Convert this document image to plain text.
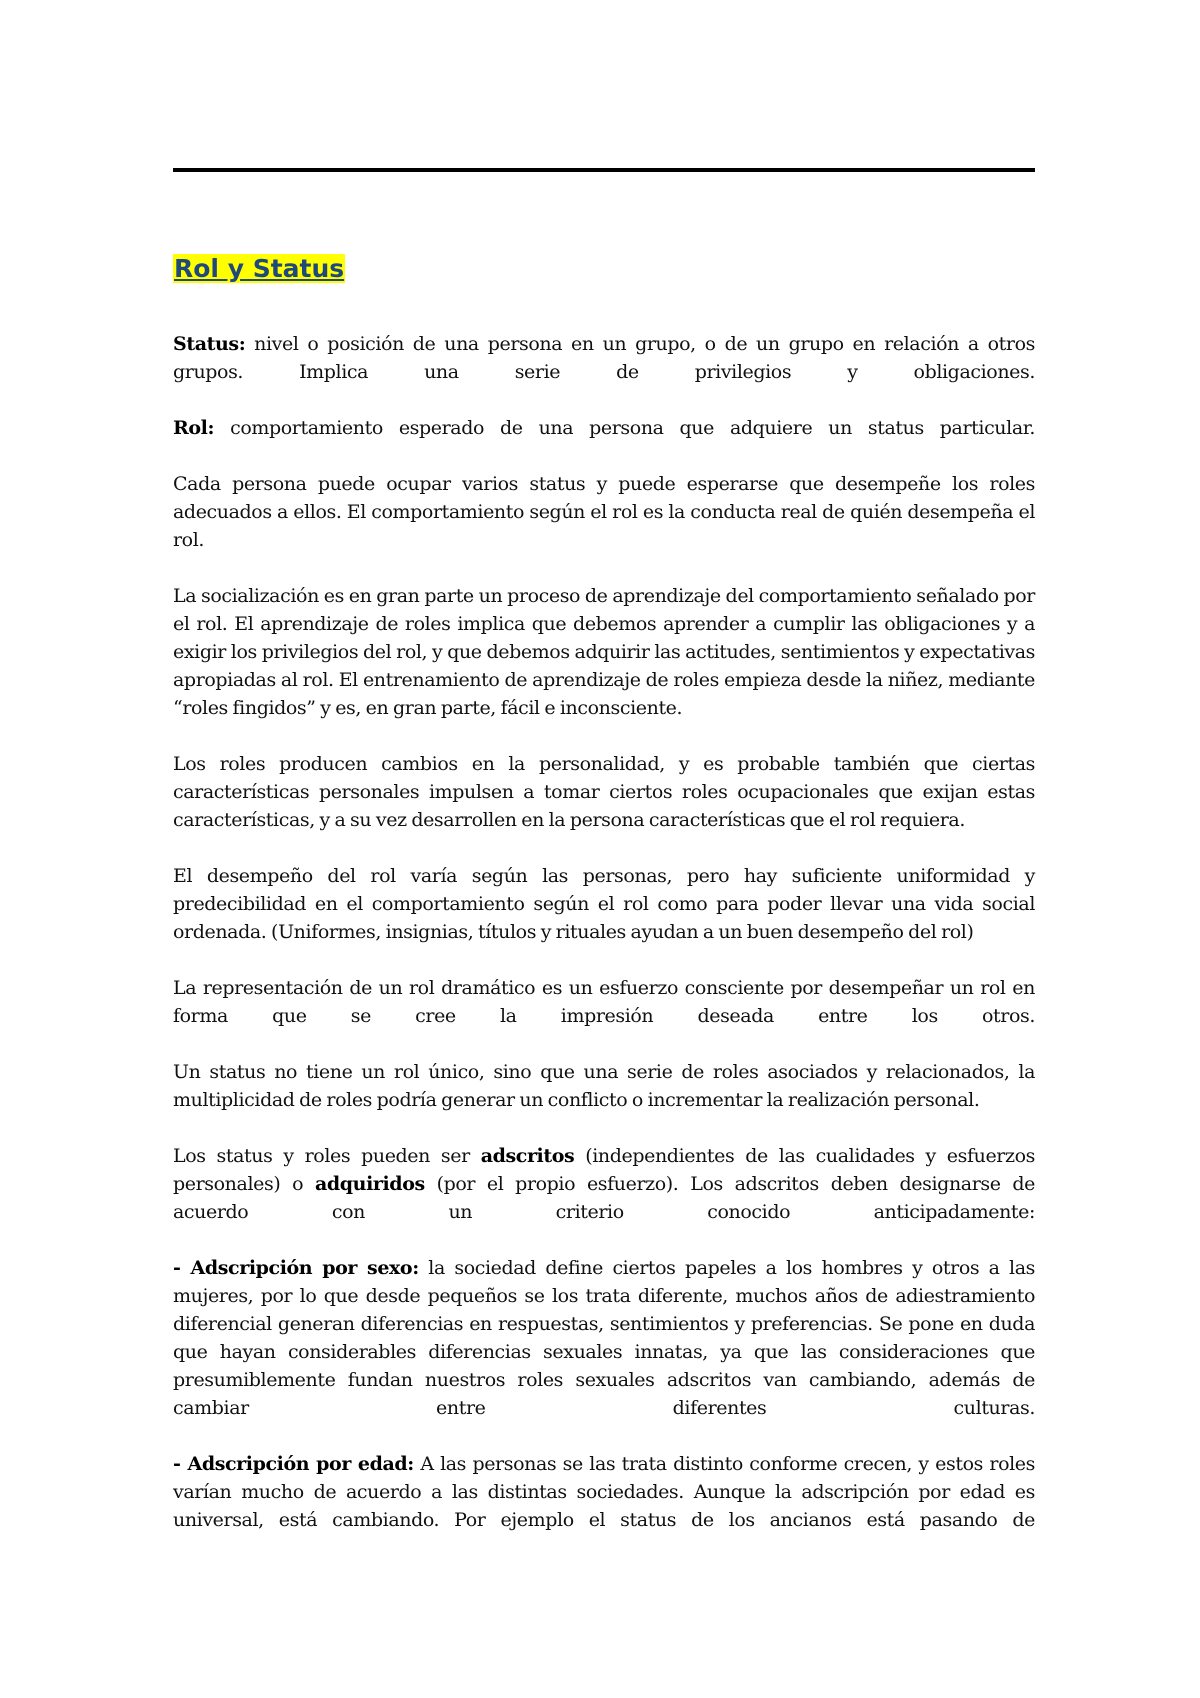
Rol y Status

Status: nivel o posición de una persona en un grupo, o de un grupo en relación a otros grupos. Implica una serie de privilegios y obligaciones.

Rol: comportamiento esperado de una persona que adquiere un status particular.

Cada persona puede ocupar varios status y puede esperarse que desempeñe los roles adecuados a ellos. El comportamiento según el rol es la conducta real de quién desempeña el rol.

La socialización es en gran parte un proceso de aprendizaje del comportamiento señalado por el rol. El aprendizaje de roles implica que debemos aprender a cumplir las obligaciones y a exigir los privilegios del rol, y que debemos adquirir las actitudes, sentimientos y expectativas apropiadas al rol. El entrenamiento de aprendizaje de roles empieza desde la niñez, mediante “roles fingidos” y es, en gran parte, fácil e inconsciente.

Los roles producen cambios en la personalidad, y es probable también que ciertas características personales impulsen a tomar ciertos roles ocupacionales que exijan estas características, y a su vez desarrollen en la persona características que el rol requiera.

El desempeño del rol varía según las personas, pero hay suficiente uniformidad y predecibilidad en el comportamiento según el rol como para poder llevar una vida social ordenada. (Uniformes, insignias, títulos y rituales ayudan a un buen desempeño del rol)

La representación de un rol dramático es un esfuerzo consciente por desempeñar un rol en forma que se cree la impresión deseada entre los otros.

Un status no tiene un rol único, sino que una serie de roles asociados y relacionados, la multiplicidad de roles podría generar un conflicto o incrementar la realización personal.

Los status y roles pueden ser adscritos (independientes de las cualidades y esfuerzos personales) o adquiridos (por el propio esfuerzo). Los adscritos deben designarse de acuerdo con un criterio conocido anticipadamente:

- Adscripción por sexo: la sociedad define ciertos papeles a los hombres y otros a las mujeres, por lo que desde pequeños se los trata diferente, muchos años de adiestramiento diferencial generan diferencias en respuestas, sentimientos y preferencias. Se pone en duda que hayan considerables diferencias sexuales innatas, ya que las consideraciones que presumiblemente fundan nuestros roles sexuales adscritos van cambiando, además de cambiar entre diferentes culturas.

- Adscripción por edad: A las personas se las trata distinto conforme crecen, y estos roles varían mucho de acuerdo a las distintas sociedades. Aunque la adscripción por edad es universal, está cambiando. Por ejemplo el status de los ancianos está pasando de
